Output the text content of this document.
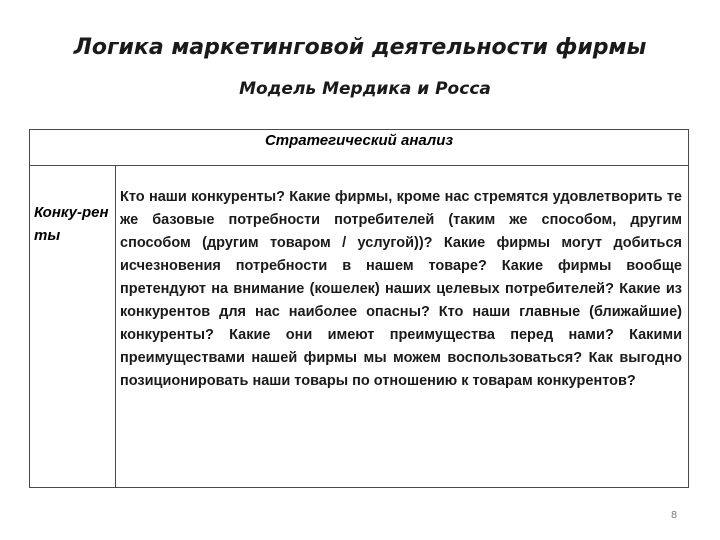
Логика маркетинговой деятельности фирмы
Модель Мердика и Росса
Стратегический анализ
Конку-ренты
Кто наши конкуренты? Какие фирмы, кроме нас стремятся удовлетворить те же базовые потребности потребителей (таким же способом, другим способом (другим товаром / услугой))? Какие фирмы могут добиться исчезновения потребности в нашем товаре? Какие фирмы вообще претендуют на внимание (кошелек) наших целевых потребителей? Какие из конкурентов для нас наиболее опасны? Кто наши главные (ближайшие) конкуренты? Какие они имеют преимущества перед нами? Какими преимуществами нашей фирмы мы можем воспользоваться? Как выгодно позиционировать наши товары по отношению к товарам конкурентов?
8
